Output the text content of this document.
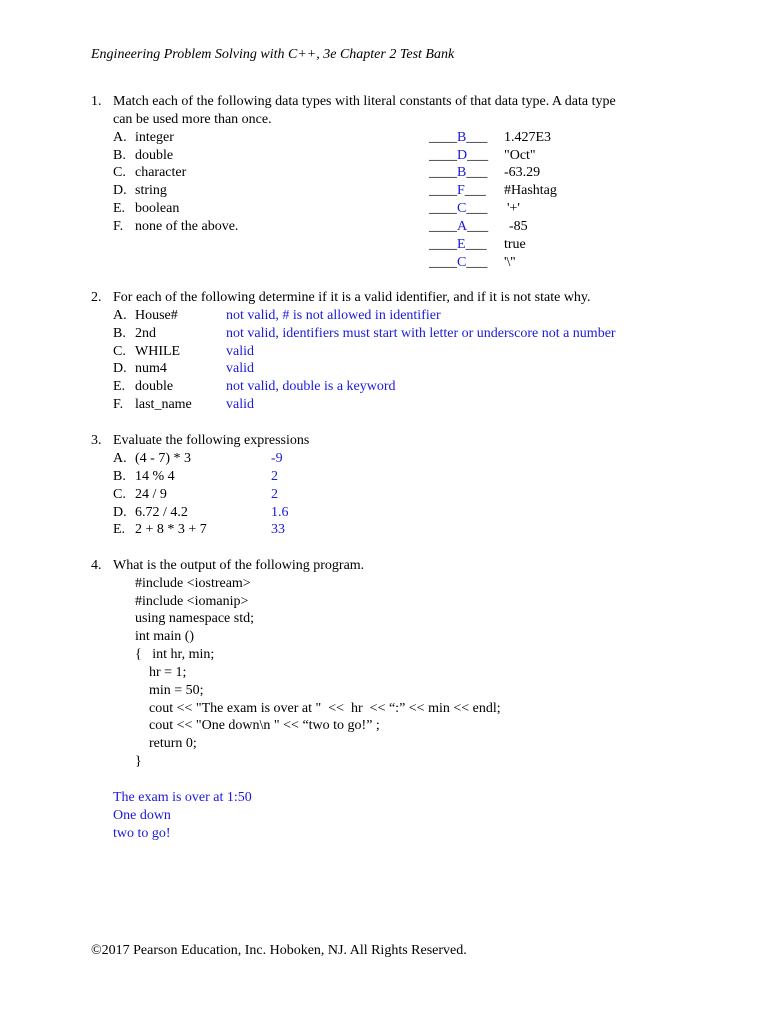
Engineering Problem Solving with C++, 3e Chapter 2 Test Bank
1. Match each of the following data types with literal constants of that data type. A data type
can be used more than once.
A. integer
B. double
C. character
D. string
E. boolean
F. none of the above.
____B___ 1.427E3
____D___ "Oct"
____B___ -63.29
____F___ #Hashtag
____C___ '+'
____A___ -85
____E___ true
____C___ '\''
2. For each of the following determine if it is a valid identifier, and if it is not state why.
A. House#	not valid, # is not allowed in identifier
B. 2nd	not valid, identifiers must start with letter or underscore not a number
C. WHILE	valid
D. num4	valid
E. double	not valid, double is a keyword
F. last_name valid
3. Evaluate the following expressions
A. (4 - 7) * 3	-9
B. 14 % 4	2
C. 24 / 9	2
D. 6.72 / 4.2	1.6
E. 2 + 8 * 3 + 7	33
4. What is the output of the following program.
#include <iostream>
#include <iomanip>
using namespace std;
int main ()
{   int hr, min;
hr = 1;
min = 50;
cout << "The exam is over at "  <<  hr  << “:” << min << endl;
cout << "One down\n " << “two to go!” ;
return 0;
}
The exam is over at 1:50
One down
two to go!
©2017 Pearson Education, Inc. Hoboken, NJ. All Rights Reserved.
